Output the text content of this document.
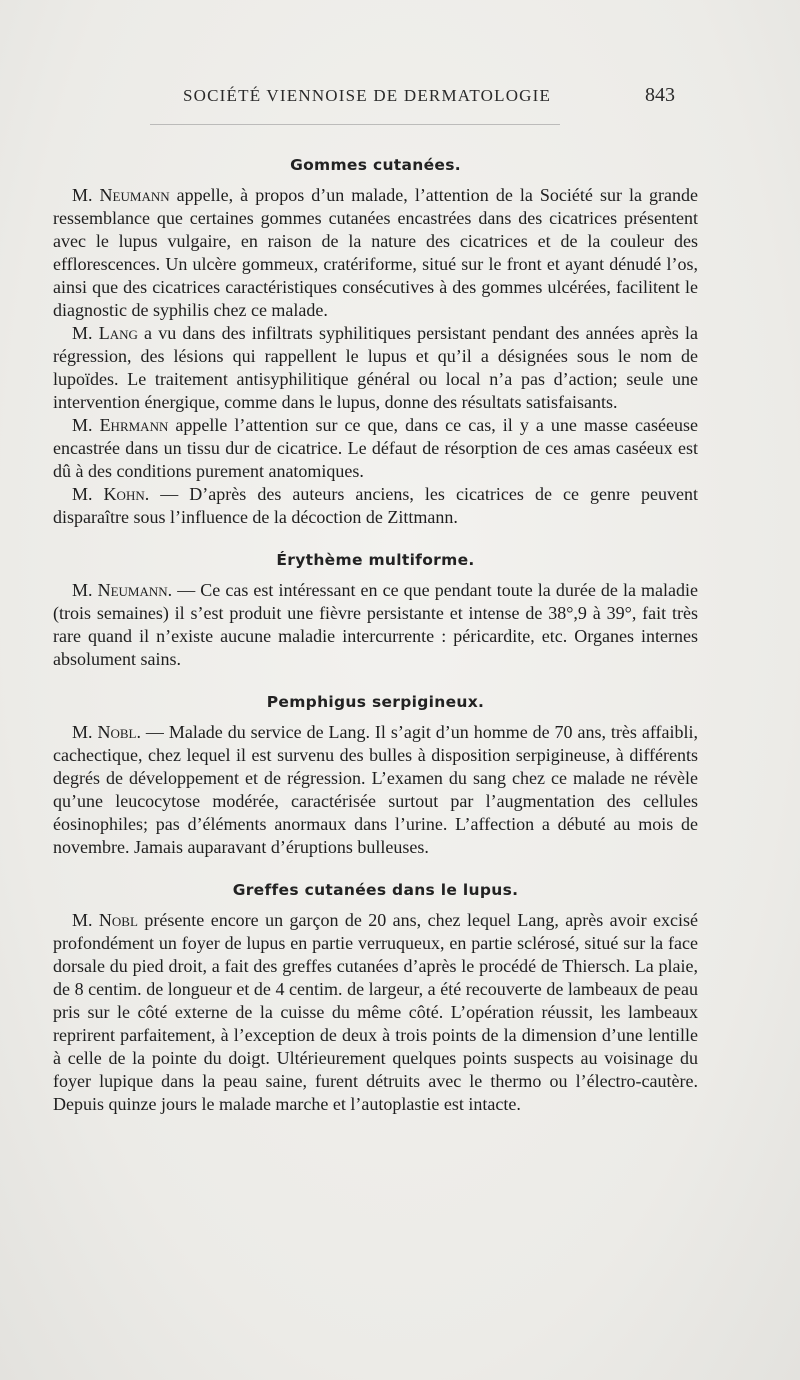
SOCIÉTÉ VIENNOISE DE DERMATOLOGIE	843
Gommes cutanées.

M. Neumann appelle, à propos d’un malade, l’attention de la Société sur la grande ressemblance que certaines gommes cutanées encastrées dans des cicatrices présentent avec le lupus vulgaire, en raison de la nature des cicatrices et de la couleur des efflorescences. Un ulcère gommeux, cratériforme, situé sur le front et ayant dénudé l’os, ainsi que des cicatrices caractéristiques consécutives à des gommes ulcérées, facilitent le diagnostic de syphilis chez ce malade.

M. Lang a vu dans des infiltrats syphilitiques persistant pendant des années après la régression, des lésions qui rappellent le lupus et qu’il a désignées sous le nom de lupoïdes. Le traitement antisyphilitique général ou local n’a pas d’action; seule une intervention énergique, comme dans le lupus, donne des résultats satisfaisants.

M. Ehrmann appelle l’attention sur ce que, dans ce cas, il y a une masse caséeuse encastrée dans un tissu dur de cicatrice. Le défaut de résorption de ces amas caséeux est dû à des conditions purement anatomiques.

M. Kohn. — D’après des auteurs anciens, les cicatrices de ce genre peuvent disparaître sous l’influence de la décoction de Zittmann.

Érythème multiforme.

M. Neumann. — Ce cas est intéressant en ce que pendant toute la durée de la maladie (trois semaines) il s’est produit une fièvre persistante et intense de 38°,9 à 39°, fait très rare quand il n’existe aucune maladie intercurrente : péricardite, etc. Organes internes absolument sains.

Pemphigus serpigineux.

M. Nobl. — Malade du service de Lang. Il s’agit d’un homme de 70 ans, très affaibli, cachectique, chez lequel il est survenu des bulles à disposition serpigineuse, à différents degrés de développement et de régression. L’examen du sang chez ce malade ne révèle qu’une leucocytose modérée, caractérisée surtout par l’augmentation des cellules éosinophiles; pas d’éléments anormaux dans l’urine. L’affection a débuté au mois de novembre. Jamais auparavant d’éruptions bulleuses.

Greffes cutanées dans le lupus.

M. Nobl présente encore un garçon de 20 ans, chez lequel Lang, après avoir excisé profondément un foyer de lupus en partie verruqueux, en partie sclérosé, situé sur la face dorsale du pied droit, a fait des greffes cutanées d’après le procédé de Thiersch. La plaie, de 8 centim. de longueur et de 4 centim. de largeur, a été recouverte de lambeaux de peau pris sur le côté externe de la cuisse du même côté. L’opération réussit, les lambeaux reprirent parfaitement, à l’exception de deux à trois points de la dimension d’une lentille à celle de la pointe du doigt. Ultérieurement quelques points suspects au voisinage du foyer lupique dans la peau saine, furent détruits avec le thermo ou l’électro-cautère. Depuis quinze jours le malade marche et l’autoplastie est intacte.
